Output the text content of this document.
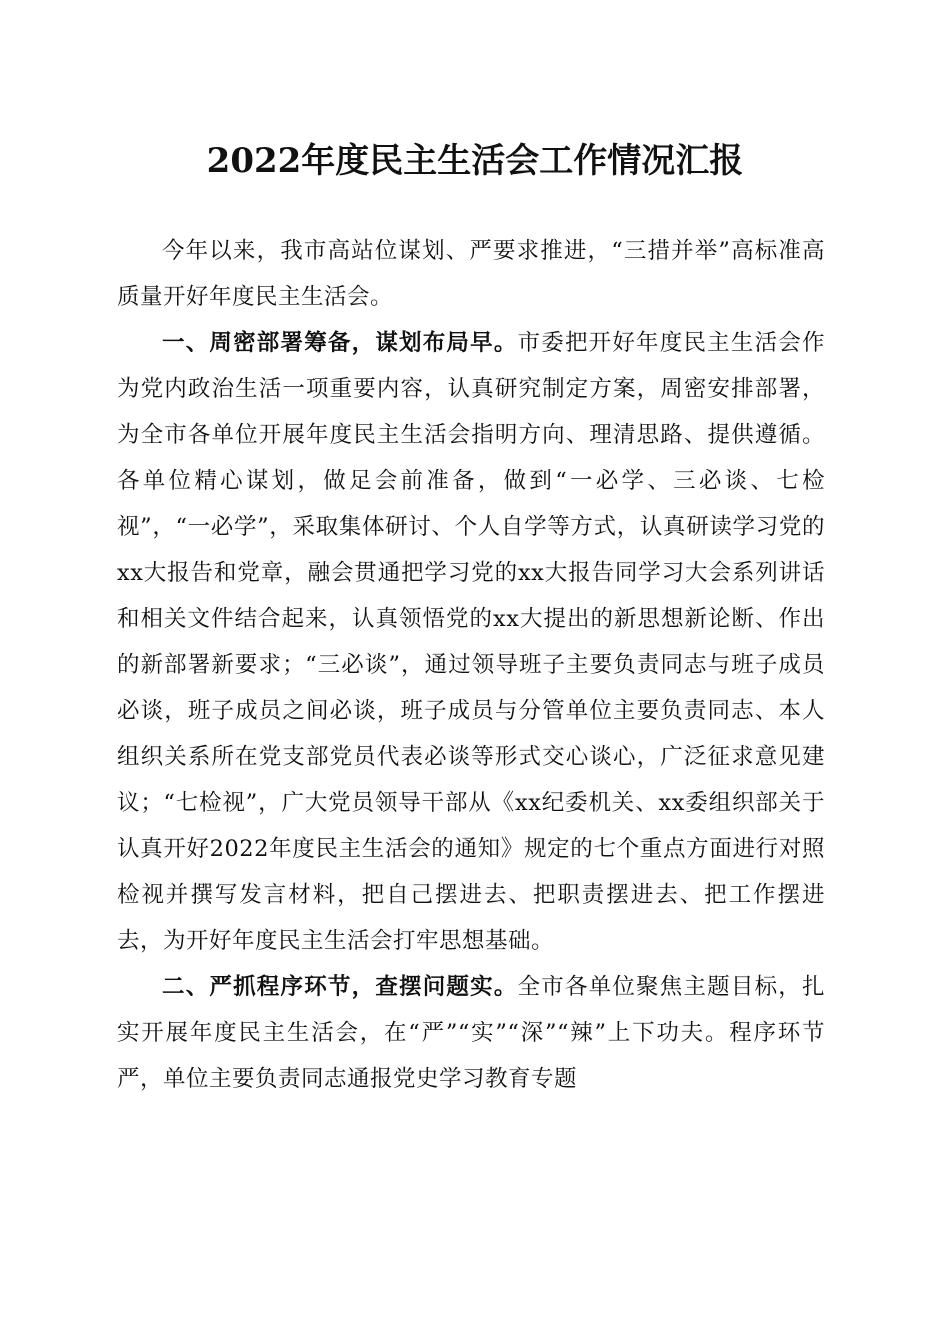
2022年度民主生活会工作情况汇报

今年以来，我市高站位谋划、严要求推进，“三措并举”高标准高质量开好年度民主生活会。

一、周密部署筹备，谋划布局早。市委把开好年度民主生活会作为党内政治生活一项重要内容，认真研究制定方案，周密安排部署，为全市各单位开展年度民主生活会指明方向、理清思路、提供遵循。各单位精心谋划，做足会前准备，做到“一必学、三必谈、七检视”，“一必学”，采取集体研讨、个人自学等方式，认真研读学习党的xx大报告和党章，融会贯通把学习党的xx大报告同学习大会系列讲话和相关文件结合起来，认真领悟党的xx大提出的新思想新论断、作出的新部署新要求；“三必谈”，通过领导班子主要负责同志与班子成员必谈，班子成员之间必谈，班子成员与分管单位主要负责同志、本人组织关系所在党支部党员代表必谈等形式交心谈心，广泛征求意见建议；“七检视”，广大党员领导干部从《xx纪委机关、xx委组织部关于认真开好2022年度民主生活会的通知》规定的七个重点方面进行对照检视并撰写发言材料，把自己摆进去、把职责摆进去、把工作摆进去，为开好年度民主生活会打牢思想基础。

二、严抓程序环节，查摆问题实。全市各单位聚焦主题目标，扎实开展年度民主生活会，在“严”“实”“深”“辣”上下功夫。程序环节严，单位主要负责同志通报党史学习教育专题
